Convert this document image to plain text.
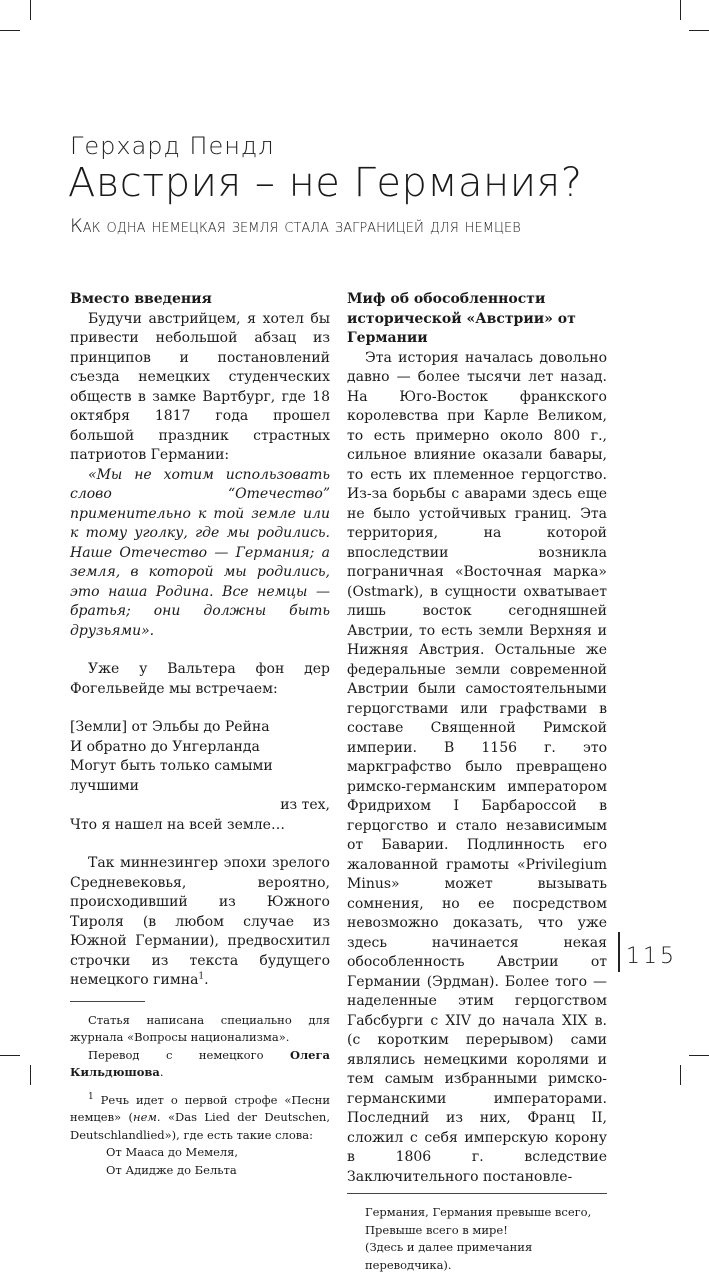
Герхард Пендл
Австрия – не Германия?
Как одна немецкая земля стала заграницей для немцев
Вместо введения

Будучи австрийцем, я хотел бы привести небольшой абзац из принципов и постановлений съезда немецких студенческих обществ в замке Вартбург, где 18 октября 1817 года прошел большой праздник страстных патриотов Германии:

«Мы не хотим использовать слово “Отечество” применительно к той земле или к тому уголку, где мы родились. Наше Отечество — Германия; а земля, в которой мы родились, это наша Родина. Все немцы — братья; они должны быть друзьями».

Уже у Вальтера фон дер Фогельвейде мы встречаем:

[Земли] от Эльбы до Рейна
И обратно до Унгерланда
Могут быть только самыми лучшими
из тех,
Что я нашел на всей земле…

Так миннезингер эпохи зрелого Средневековья, вероятно, происходивший из Южного Тироля (в любом случае из Южной Германии), предвосхитил строчки из текста будущего немецкого гимна$^1$.

Статья написана специально для журнала «Вопросы национализма».

Перевод с немецкого Олега Кильдюшова.

$^1$ Речь идет о первой строфе «Песни немцев» (нем. «Das Lied der Deutschen, Deutschlandlied»), где есть такие слова:

От Мааса до Мемеля,
От Адидже до Бельта
Миф об обособленности исторической «Австрии» от Германии

Эта история началась довольно давно — более тысячи лет назад. На Юго-Восток франкского королевства при Карле Великом, то есть примерно около 800 г., сильное влияние оказали бавары, то есть их племенное герцогство. Из-за борьбы с аварами здесь еще не было устойчивых границ. Эта территория, на которой впоследствии возникла пограничная «Восточная марка» (Ostmark), в сущности охватывает лишь восток сегодняшней Австрии, то есть земли Верхняя и Нижняя Австрия. Остальные же федеральные земли современной Австрии были самостоятельными герцогствами или графствами в составе Священной Римской империи. В 1156 г. это маркграфство было превращено римско-германским императором Фридрихом I Барбароссой в герцогство и стало независимым от Баварии. Подлинность его жалованной грамоты «Privilegium Minus» может вызывать сомнения, но ее посредством невозможно доказать, что уже здесь начинается некая обособленность Австрии от Германии (Эрдман). Более того — наделенные этим герцогством Габсбурги с XIV до начала XIX в. (с коротким перерывом) сами являлись немецкими королями и тем самым избранными римско-германскими императорами. Последний из них, Франц II, сложил с себя имперскую корону в 1806 г. вследствие Заключительного постановле-

Германия, Германия превыше всего,
Превыше всего в мире!
(Здесь и далее примечания переводчика).
115
